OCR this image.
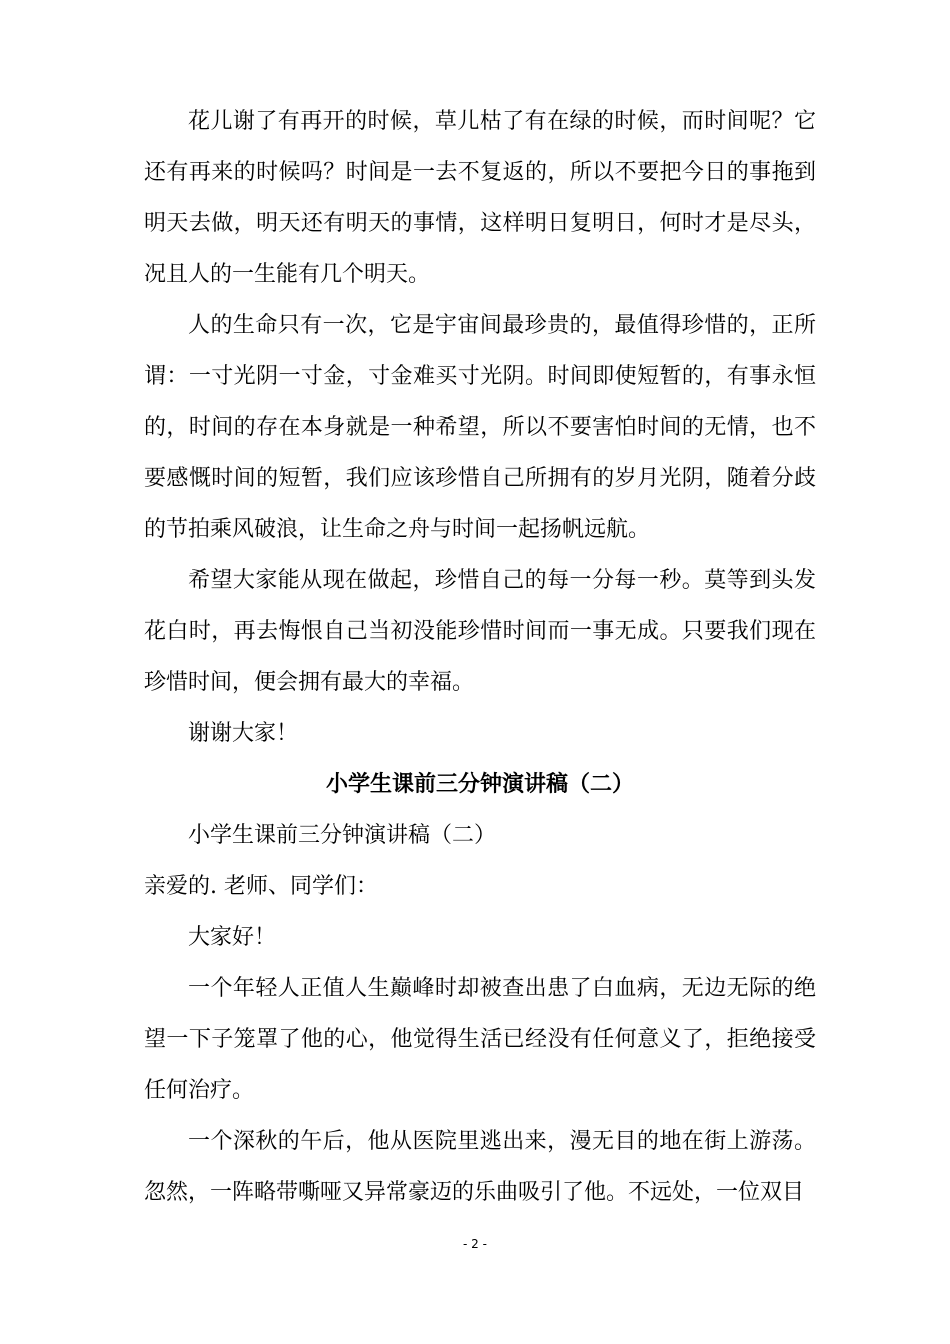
花儿谢了有再开的时候，草儿枯了有在绿的时候，而时间呢？它还有再来的时候吗？时间是一去不复返的，所以不要把今日的事拖到明天去做，明天还有明天的事情，这样明日复明日，何时才是尽头，况且人的一生能有几个明天。

人的生命只有一次，它是宇宙间最珍贵的，最值得珍惜的，正所谓：一寸光阴一寸金，寸金难买寸光阴。时间即使短暂的，有事永恒的，时间的存在本身就是一种希望，所以不要害怕时间的无情，也不要感慨时间的短暂，我们应该珍惜自己所拥有的岁月光阴，随着分歧的节拍乘风破浪，让生命之舟与时间一起扬帆远航。

希望大家能从现在做起，珍惜自己的每一分每一秒。莫等到头发花白时，再去悔恨自己当初没能珍惜时间而一事无成。只要我们现在珍惜时间，便会拥有最大的幸福。

谢谢大家！

小学生课前三分钟演讲稿（二）

小学生课前三分钟演讲稿（二）

亲爱的. 老师、同学们：

大家好！

一个年轻人正值人生巅峰时却被查出患了白血病，无边无际的绝望一下子笼罩了他的心，他觉得生活已经没有任何意义了，拒绝接受任何治疗。

一个深秋的午后，他从医院里逃出来，漫无目的地在街上游荡。忽然，一阵略带嘶哑又异常豪迈的乐曲吸引了他。不远处，一位双目

- 2 -
